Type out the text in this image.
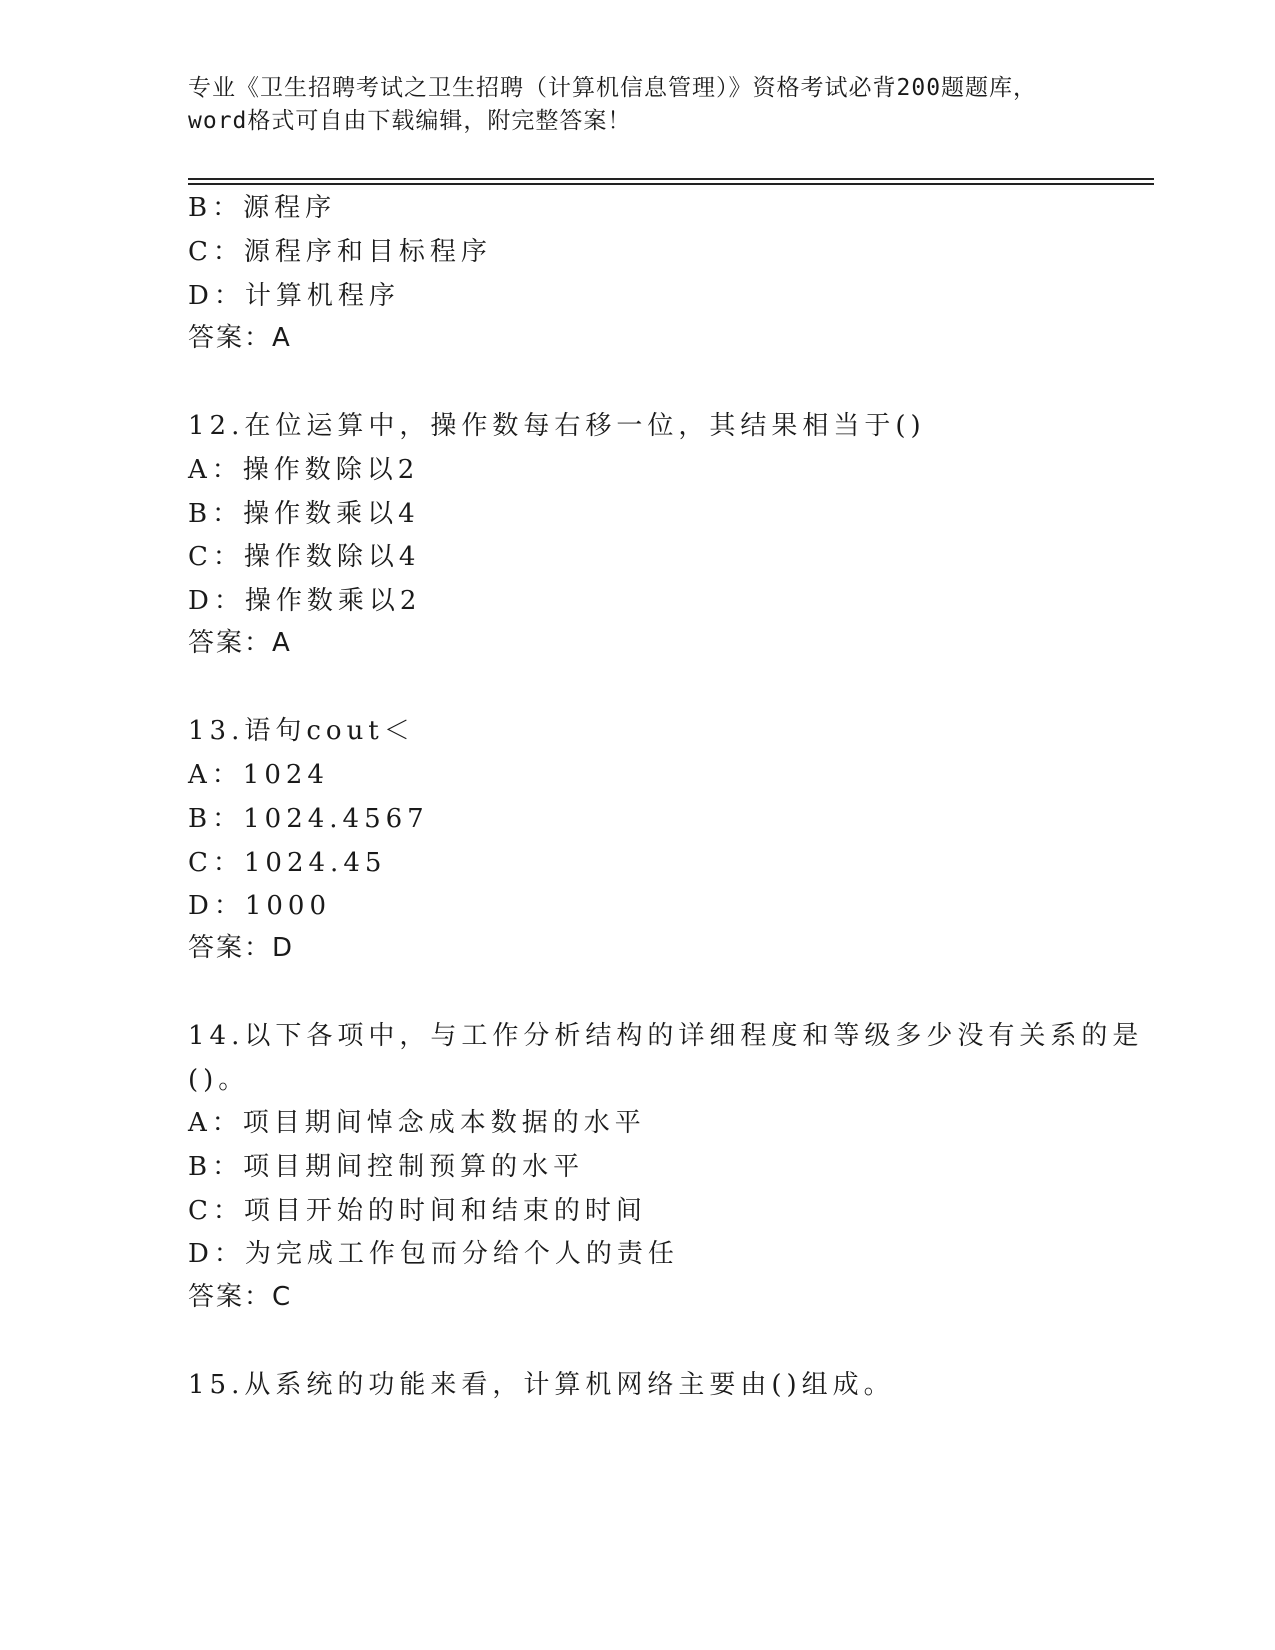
专业《卫生招聘考试之卫生招聘（计算机信息管理）》资格考试必背200题题库，
word格式可自由下载编辑，附完整答案！
B：源程序
C：源程序和目标程序
D：计算机程序
答案：A
12.在位运算中，操作数每右移一位，其结果相当于()
A：操作数除以2
B：操作数乘以4
C：操作数除以4
D：操作数乘以2
答案：A
13.语句cout＜
A：1024
B：1024.4567
C：1024.45
D：1000
答案：D
14.以下各项中，与工作分析结构的详细程度和等级多少没有关系的是
()。
A：项目期间悼念成本数据的水平
B：项目期间控制预算的水平
C：项目开始的时间和结束的时间
D：为完成工作包而分给个人的责任
答案：C
15.从系统的功能来看，计算机网络主要由()组成。
